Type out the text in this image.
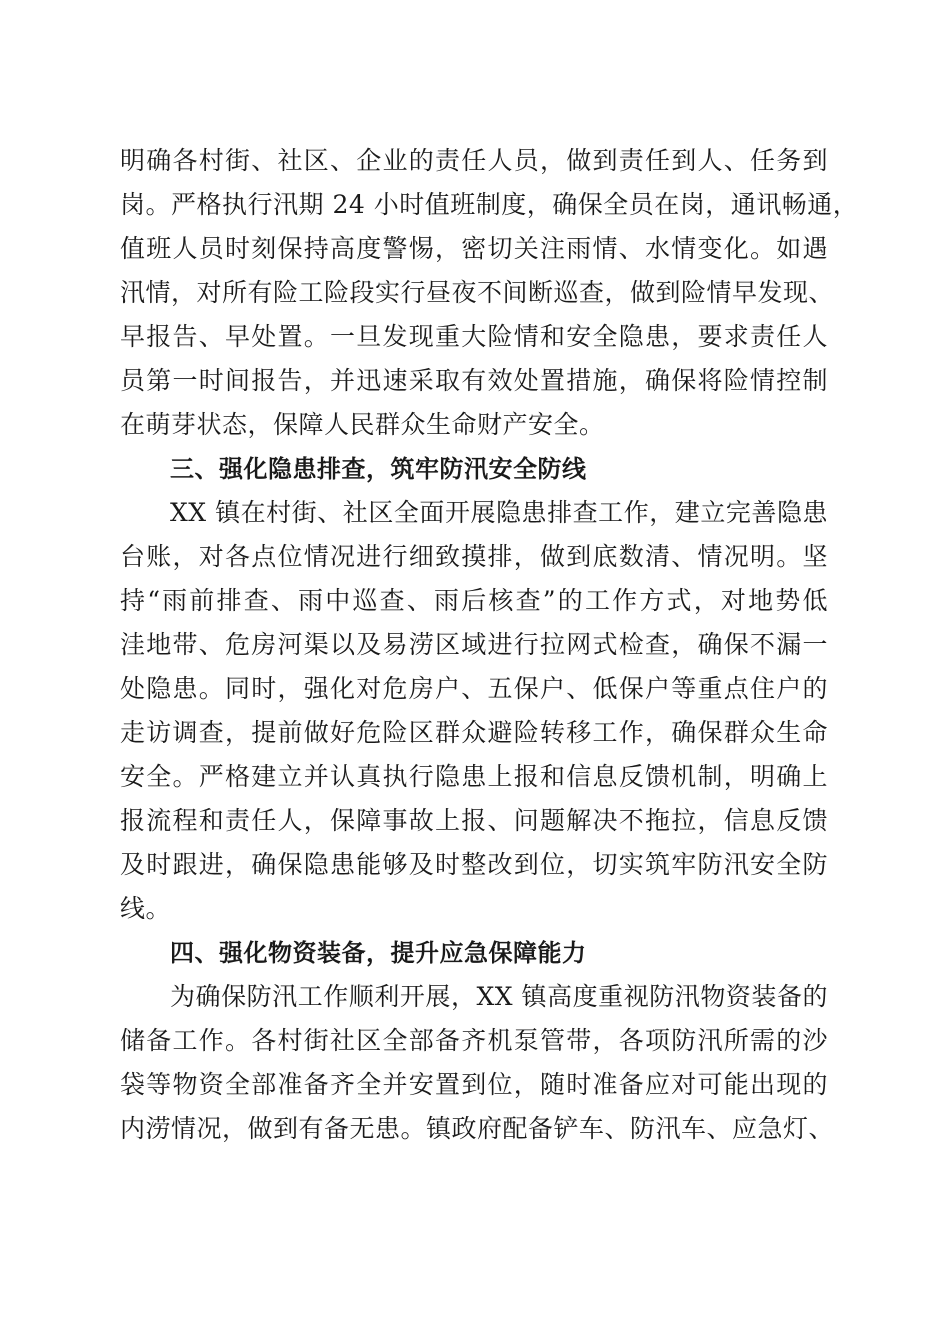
明确各村街、社区、企业的责任人员，做到责任到人、任务到
岗。严格执行汛期 24 小时值班制度，确保全员在岗，通讯畅通，
值班人员时刻保持高度警惕，密切关注雨情、水情变化。如遇
汛情，对所有险工险段实行昼夜不间断巡查，做到险情早发现、
早报告、早处置。一旦发现重大险情和安全隐患，要求责任人
员第一时间报告，并迅速采取有效处置措施，确保将险情控制
在萌芽状态，保障人民群众生命财产安全。
三、强化隐患排查，筑牢防汛安全防线
XX 镇在村街、社区全面开展隐患排查工作，建立完善隐患
台账，对各点位情况进行细致摸排，做到底数清、情况明。坚
持“雨前排查、雨中巡查、雨后核查”的工作方式，对地势低
洼地带、危房河渠以及易涝区域进行拉网式检查，确保不漏一
处隐患。同时，强化对危房户、五保户、低保户等重点住户的
走访调查，提前做好危险区群众避险转移工作，确保群众生命
安全。严格建立并认真执行隐患上报和信息反馈机制，明确上
报流程和责任人，保障事故上报、问题解决不拖拉，信息反馈
及时跟进，确保隐患能够及时整改到位，切实筑牢防汛安全防
线。
四、强化物资装备，提升应急保障能力
为确保防汛工作顺利开展，XX 镇高度重视防汛物资装备的
储备工作。各村街社区全部备齐机泵管带，各项防汛所需的沙
袋等物资全部准备齐全并安置到位，随时准备应对可能出现的
内涝情况，做到有备无患。镇政府配备铲车、防汛车、应急灯、
